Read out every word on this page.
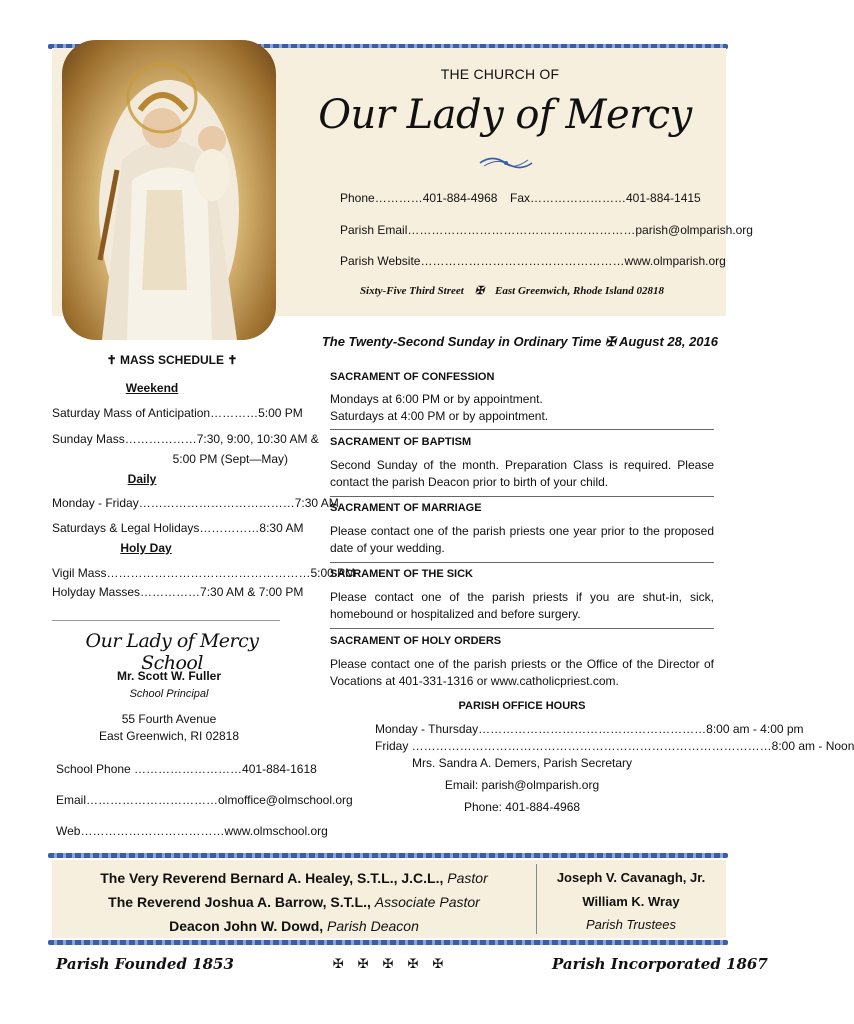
THE CHURCH OF
Our Lady of Mercy
Phone…………401-884-4968 Fax……………………401-884-1415
Parish Email…………………………………………………parish@olmparish.org
Parish Website……………………………………………www.olmparish.org
Sixty-Five Third Street ✠ East Greenwich, Rhode Island 02818
The Twenty-Second Sunday in Ordinary Time ✠ August 28, 2016
✝ MASS SCHEDULE ✝
Weekend
Saturday Mass of Anticipation…………5:00 PM
Sunday Mass………………7:30, 9:00, 10:30 AM &
5:00 PM (Sept—May)
Daily
Monday - Friday…………………………………7:30 AM
Saturdays & Legal Holidays……………8:30 AM
Holy Day
Vigil Mass……………………………………………5:00 PM
Holyday Masses……………7:30 AM & 7:00 PM
Our Lady of Mercy School
Mr. Scott W. Fuller
School Principal
55 Fourth Avenue
East Greenwich, RI 02818
School Phone ………………………401-884-1618
Email……………………………olmoffice@olmschool.org
Web………………………………www.olmschool.org
SACRAMENT OF CONFESSION
Mondays at 6:00 PM or by appointment.
Saturdays at 4:00 PM or by appointment.
SACRAMENT OF BAPTISM
Second Sunday of the month. Preparation Class is required. Please contact the parish Deacon prior to birth of your child.
SACRAMENT OF MARRIAGE
Please contact one of the parish priests one year prior to the proposed date of your wedding.
SACRAMENT OF THE SICK
Please contact one of the parish priests if you are shut-in, sick, homebound or hospitalized and before surgery.
SACRAMENT OF HOLY ORDERS
Please contact one of the parish priests or the Office of the Director of Vocations at 401-331-1316 or www.catholicpriest.com.
PARISH OFFICE HOURS
Monday - Thursday…………………………………………………8:00 am - 4:00 pm
Friday ………………………………………………………………………………8:00 am - Noon
Mrs. Sandra A. Demers, Parish Secretary
Email: parish@olmparish.org
Phone: 401-884-4968
The Very Reverend Bernard A. Healey, S.T.L., J.C.L., Pastor
The Reverend Joshua A. Barrow, S.T.L., Associate Pastor
Deacon John W. Dowd, Parish Deacon
Joseph V. Cavanagh, Jr.
William K. Wray
Parish Trustees
Parish Founded 1853	✠✠✠✠✠	Parish Incorporated 1867
